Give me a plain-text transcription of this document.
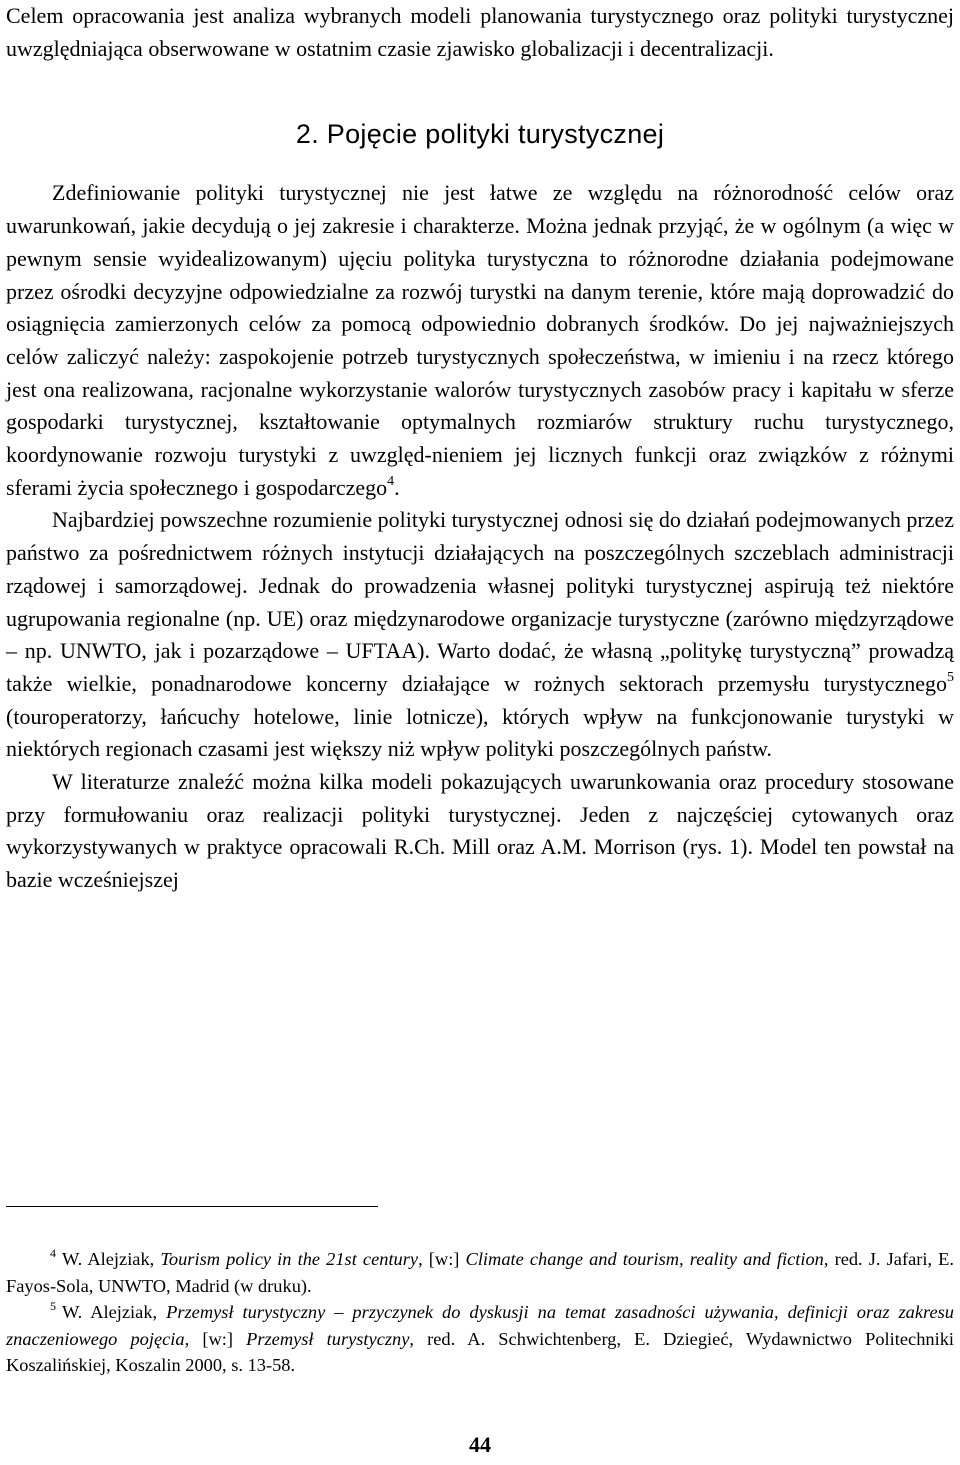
Celem opracowania jest analiza wybranych modeli planowania turystycznego oraz polityki turystycznej uwzględniająca obserwowane w ostatnim czasie zjawisko globalizacji i decentralizacji.

2. Pojęcie polityki turystycznej

Zdefiniowanie polityki turystycznej nie jest łatwe ze względu na różnorodność celów oraz uwarunkowań, jakie decydują o jej zakresie i charakterze. Można jednak przyjąć, że w ogólnym (a więc w pewnym sensie wyidealizowanym) ujęciu polityka turystyczna to różnorodne działania podejmowane przez ośrodki decyzyjne odpowiedzialne za rozwój turystki na danym terenie, które mają doprowadzić do osiągnięcia zamierzonych celów za pomocą odpowiednio dobranych środków. Do jej najważniejszych celów zaliczyć należy: zaspokojenie potrzeb turystycznych społeczeństwa, w imieniu i na rzecz którego jest ona realizowana, racjonalne wykorzystanie walorów turystycznych zasobów pracy i kapitału w sferze gospodarki turystycznej, kształtowanie optymalnych rozmiarów struktury ruchu turystycznego, koordynowanie rozwoju turystyki z uwzględ-nieniem jej licznych funkcji oraz związków z różnymi sferami życia społecznego i gospodarczego$^4$.

Najbardziej powszechne rozumienie polityki turystycznej odnosi się do działań podejmowanych przez państwo za pośrednictwem różnych instytucji działających na poszczególnych szczeblach administracji rządowej i samorządowej. Jednak do prowadzenia własnej polityki turystycznej aspirują też niektóre ugrupowania regionalne (np. UE) oraz międzynarodowe organizacje turystyczne (zarówno międzyrządowe – np. UNWTO, jak i pozarządowe – UFTAA). Warto dodać, że własną „politykę turystyczną” prowadzą także wielkie, ponadnarodowe koncerny działające w rożnych sektorach przemysłu turystycznego$^5$ (touroperatorzy, łańcuchy hotelowe, linie lotnicze), których wpływ na funkcjonowanie turystyki w niektórych regionach czasami jest większy niż wpływ polityki poszczególnych państw.

W literaturze znaleźć można kilka modeli pokazujących uwarunkowania oraz procedury stosowane przy formułowaniu oraz realizacji polityki turystycznej. Jeden z najczęściej cytowanych oraz wykorzystywanych w praktyce opracowali R.Ch. Mill oraz A.M. Morrison (rys. 1). Model ten powstał na bazie wcześniejszej

$^4$ W. Alejziak, Tourism policy in the 21st century, [w:] Climate change and tourism, reality and fiction, red. J. Jafari, E. Fayos-Sola, UNWTO, Madrid (w druku).

$^5$ W. Alejziak, Przemysł turystyczny – przyczynek do dyskusji na temat zasadności używania, definicji oraz zakresu znaczeniowego pojęcia, [w:] Przemysł turystyczny, red. A. Schwichtenberg, E. Dziegieć, Wydawnictwo Politechniki Koszalińskiej, Koszalin 2000, s. 13-58.

44
